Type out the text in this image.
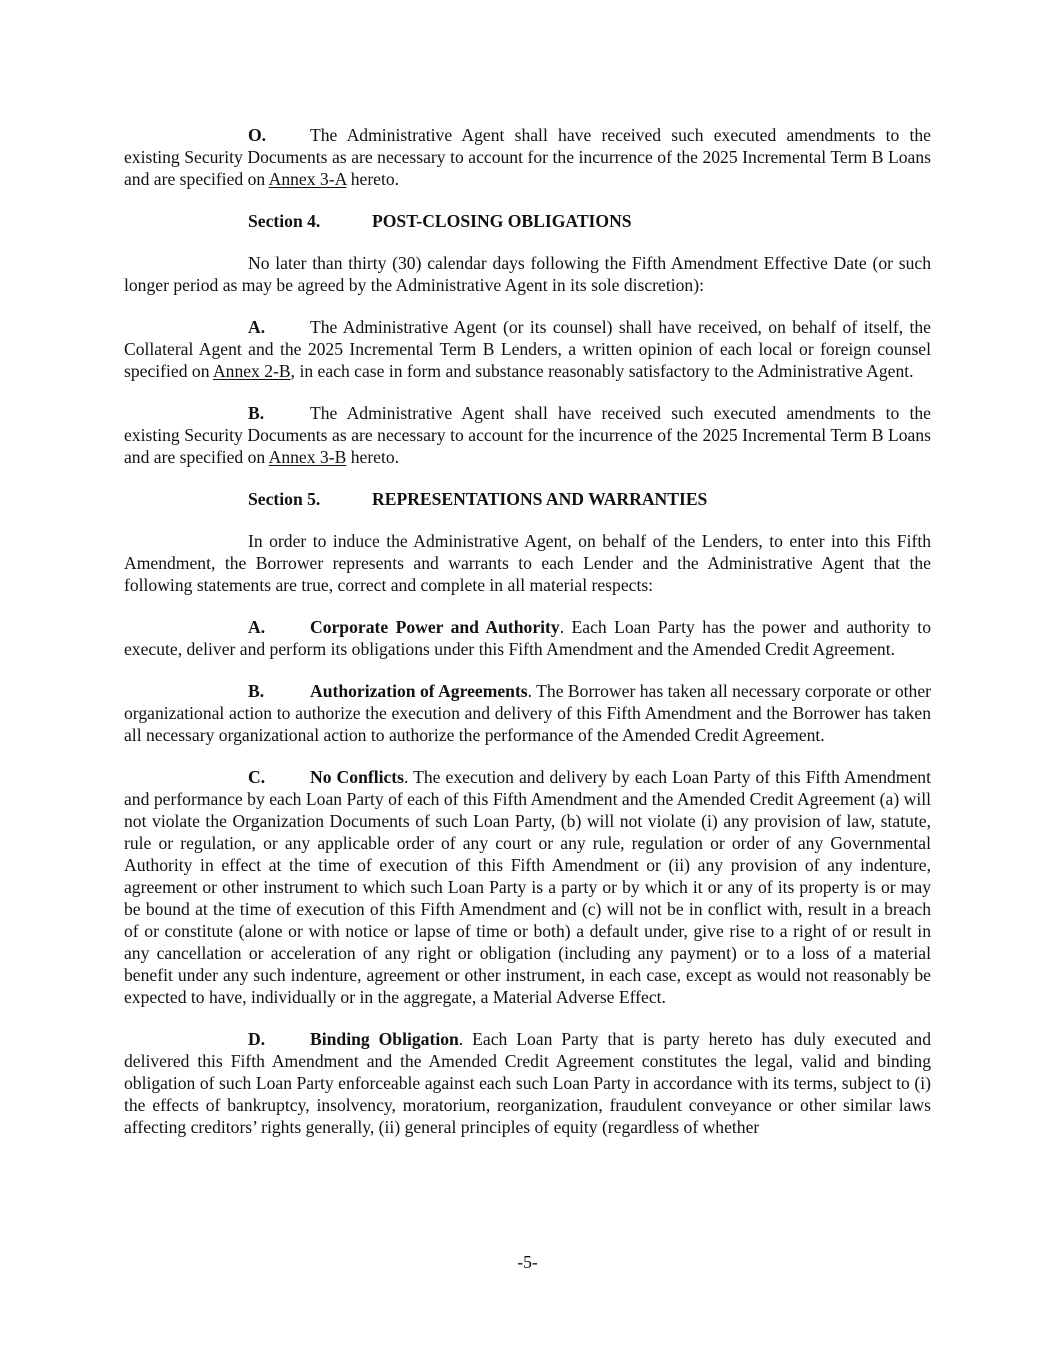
O. The Administrative Agent shall have received such executed amendments to the existing Security Documents as are necessary to account for the incurrence of the 2025 Incremental Term B Loans and are specified on Annex 3-A hereto.

Section 4.	POST-CLOSING OBLIGATIONS

No later than thirty (30) calendar days following the Fifth Amendment Effective Date (or such longer period as may be agreed by the Administrative Agent in its sole discretion):

A.	The Administrative Agent (or its counsel) shall have received, on behalf of itself, the Collateral Agent and the 2025 Incremental Term B Lenders, a written opinion of each local or foreign counsel specified on Annex 2-B, in each case in form and substance reasonably satisfactory to the Administrative Agent.

B.	The Administrative Agent shall have received such executed amendments to the existing Security Documents as are necessary to account for the incurrence of the 2025 Incremental Term B Loans and are specified on Annex 3-B hereto.

Section 5.	REPRESENTATIONS AND WARRANTIES

In order to induce the Administrative Agent, on behalf of the Lenders, to enter into this Fifth Amendment, the Borrower represents and warrants to each Lender and the Administrative Agent that the following statements are true, correct and complete in all material respects:

A.	Corporate Power and Authority. Each Loan Party has the power and authority to execute, deliver and perform its obligations under this Fifth Amendment and the Amended Credit Agreement.

B.	Authorization of Agreements. The Borrower has taken all necessary corporate or other organizational action to authorize the execution and delivery of this Fifth Amendment and the Borrower has taken all necessary organizational action to authorize the performance of the Amended Credit Agreement.

C.	No Conflicts. The execution and delivery by each Loan Party of this Fifth Amendment and performance by each Loan Party of each of this Fifth Amendment and the Amended Credit Agreement (a) will not violate the Organization Documents of such Loan Party, (b) will not violate (i) any provision of law, statute, rule or regulation, or any applicable order of any court or any rule, regulation or order of any Governmental Authority in effect at the time of execution of this Fifth Amendment or (ii) any provision of any indenture, agreement or other instrument to which such Loan Party is a party or by which it or any of its property is or may be bound at the time of execution of this Fifth Amendment and (c) will not be in conflict with, result in a breach of or constitute (alone or with notice or lapse of time or both) a default under, give rise to a right of or result in any cancellation or acceleration of any right or obligation (including any payment) or to a loss of a material benefit under any such indenture, agreement or other instrument, in each case, except as would not reasonably be expected to have, individually or in the aggregate, a Material Adverse Effect.

D.	Binding Obligation. Each Loan Party that is party hereto has duly executed and delivered this Fifth Amendment and the Amended Credit Agreement constitutes the legal, valid and binding obligation of such Loan Party enforceable against each such Loan Party in accordance with its terms, subject to (i) the effects of bankruptcy, insolvency, moratorium, reorganization, fraudulent conveyance or other similar laws affecting creditors’ rights generally, (ii) general principles of equity (regardless of whether

-5-
